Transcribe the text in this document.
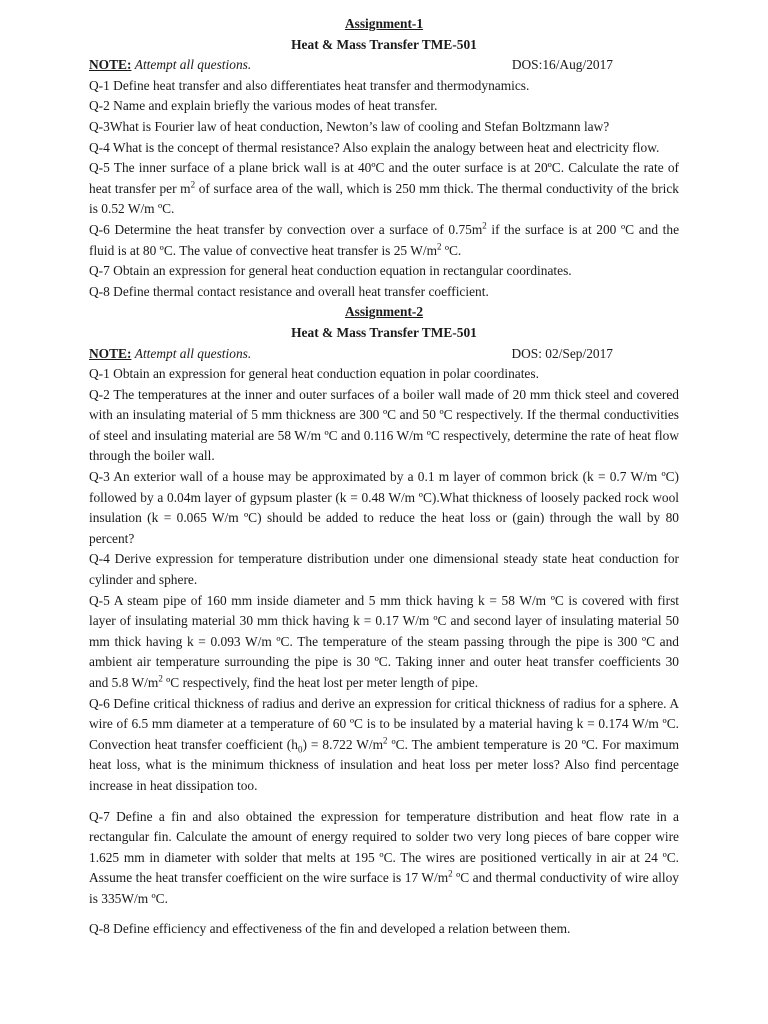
Assignment-1

Heat & Mass Transfer TME-501

NOTE: Attempt all questions.	DOS:16/Aug/2017

Q-1 Define heat transfer and also differentiates heat transfer and thermodynamics.

Q-2 Name and explain briefly the various modes of heat transfer.

Q-3What is Fourier law of heat conduction, Newton’s law of cooling and Stefan Boltzmann law?

Q-4 What is the concept of thermal resistance? Also explain the analogy between heat and electricity flow.

Q-5 The inner surface of a plane brick wall is at 40ºC and the outer surface is at 20ºC. Calculate the rate of heat transfer per $m^2$ of surface area of the wall, which is 250 mm thick. The thermal conductivity of the brick is 0.52 W/m ºC.

Q-6 Determine the heat transfer by convection over a surface of $0.75m^2$ if the surface is at 200 ºC and the fluid is at 80 ºC. The value of convective heat transfer is 25 $W/m^2$ ºC.

Q-7 Obtain an expression for general heat conduction equation in rectangular coordinates.

Q-8 Define thermal contact resistance and overall heat transfer coefficient.

Assignment-2

Heat & Mass Transfer TME-501

NOTE: Attempt all questions.	DOS: 02/Sep/2017

Q-1 Obtain an expression for general heat conduction equation in polar coordinates.

Q-2 The temperatures at the inner and outer surfaces of a boiler wall made of 20 mm thick steel and covered with an insulating material of 5 mm thickness are 300 ºC and 50 ºC respectively. If the thermal conductivities of steel and insulating material are 58 W/m ºC and 0.116 W/m ºC respectively, determine the rate of heat flow through the boiler wall.

Q-3 An exterior wall of a house may be approximated by a 0.1 m layer of common brick (k = 0.7 W/m ºC) followed by a 0.04m layer of gypsum plaster (k = 0.48 W/m ºC).What thickness of loosely packed rock wool insulation (k = 0.065 W/m ºC) should be added to reduce the heat loss or (gain) through the wall by 80 percent?

Q-4 Derive expression for temperature distribution under one dimensional steady state heat conduction for cylinder and sphere.

Q-5 A steam pipe of 160 mm inside diameter and 5 mm thick having k = 58 W/m ºC is covered with first layer of insulating material 30 mm thick having k = 0.17 W/m ºC and second layer of insulating material 50 mm thick having k = 0.093 W/m ºC. The temperature of the steam passing through the pipe is 300 ºC and ambient air temperature surrounding the pipe is 30 ºC. Taking inner and outer heat transfer coefficients 30 and 5.8 $W/m^2$ ºC respectively, find the heat lost per meter length of pipe.

Q-6 Define critical thickness of radius and derive an expression for critical thickness of radius for a sphere. A wire of 6.5 mm diameter at a temperature of 60 ºC is to be insulated by a material having k = 0.174 W/m ºC. Convection heat transfer coefficient $(h_0) = 8.722$ $W/m^2$ ºC. The ambient temperature is 20 ºC. For maximum heat loss, what is the minimum thickness of insulation and heat loss per meter loss? Also find percentage increase in heat dissipation too.

Q-7 Define a fin and also obtained the expression for temperature distribution and heat flow rate in a rectangular fin. Calculate the amount of energy required to solder two very long pieces of bare copper wire 1.625 mm in diameter with solder that melts at 195 ºC. The wires are positioned vertically in air at 24 ºC. Assume the heat transfer coefficient on the wire surface is 17 $W/m^2$ ºC and thermal conductivity of wire alloy is 335W/m ºC.

Q-8 Define efficiency and effectiveness of the fin and developed a relation between them.
